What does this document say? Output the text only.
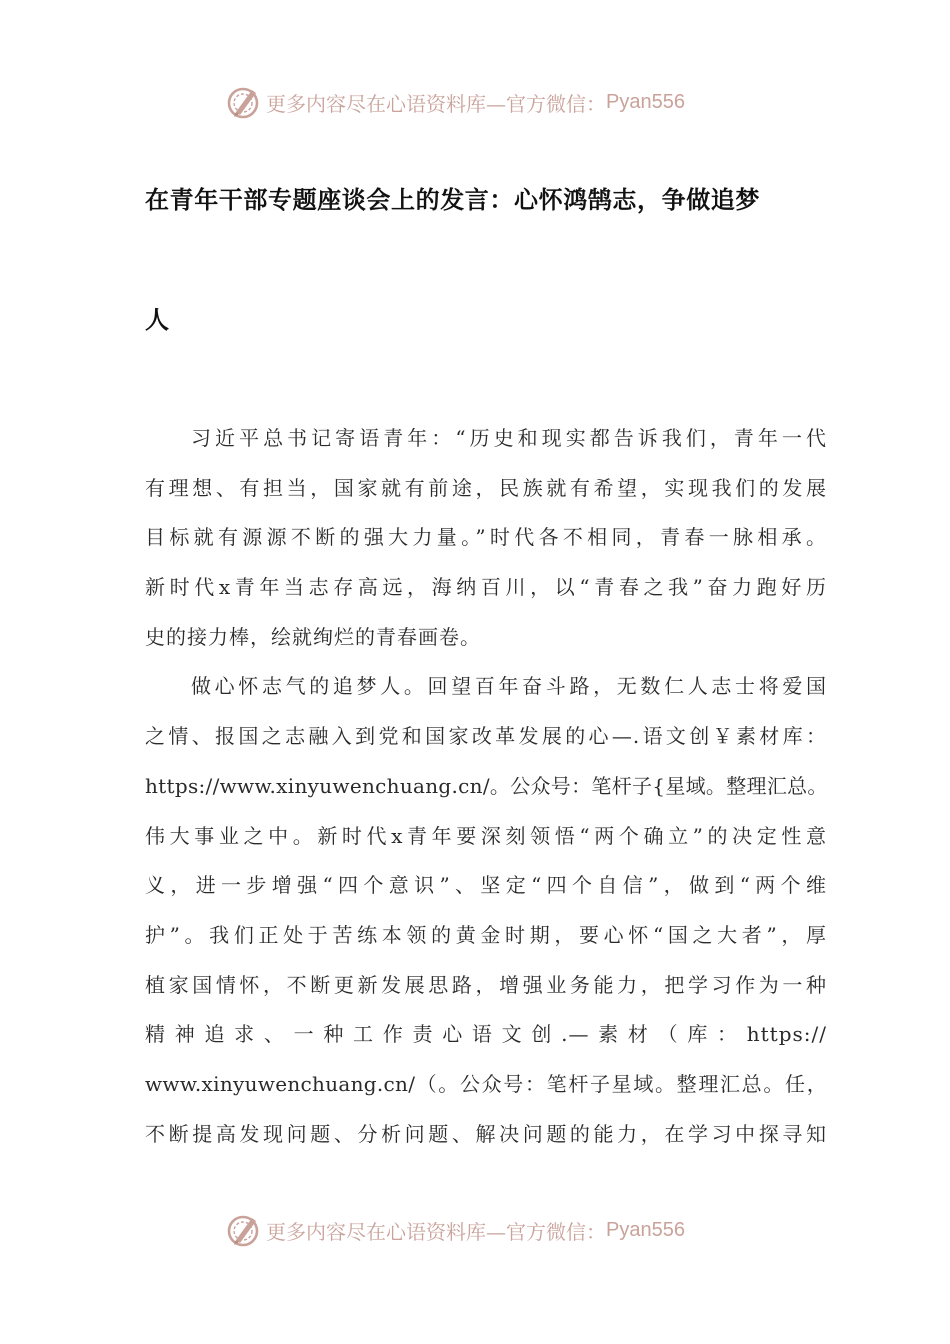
更多内容尽在心语资料库—官方微信： Pyan556
在青年干部专题座谈会上的发言：心怀鸿鹄志，争做追梦
人
习近平总书记寄语青年：“历史和现实都告诉我们，青年一代
有理想、有担当，国家就有前途，民族就有希望，实现我们的发展
目标就有源源不断的强大力量。”时代各不相同，青春一脉相承。
新时代x青年当志存高远，海纳百川，以“青春之我”奋力跑好历
史的接力棒，绘就绚烂的青春画卷。
做心怀志气的追梦人。回望百年奋斗路，无数仁人志士将爱国
之情、报国之志融入到党和国家改革发展的心—.语文创￥素材库：
https://www.xinyuwenchuang.cn/。公众号：笔杆子{星域。整理汇总。
伟大事业之中。新时代x青年要深刻领悟“两个确立”的决定性意
义，进一步增强“四个意识”、坚定“四个自信”，做到“两个维
护”。我们正处于苦练本领的黄金时期，要心怀“国之大者”，厚
植家国情怀，不断更新发展思路，增强业务能力，把学习作为一种
精神追求、一种工作责心语文创.—素材（库：https://
www.xinyuwenchuang.cn/（。公众号：笔杆子星域。整理汇总。任，
不断提高发现问题、分析问题、解决问题的能力，在学习中探寻知
更多内容尽在心语资料库—官方微信： Pyan556
